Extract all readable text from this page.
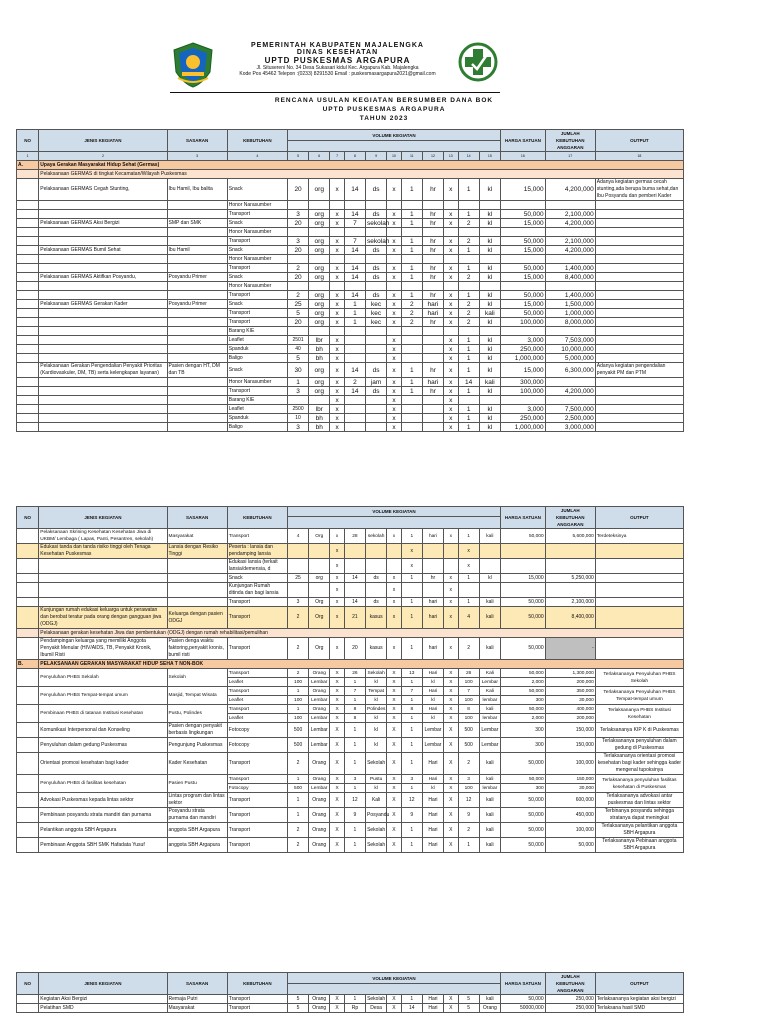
PEMERINTAH KABUPATEN MAJALENGKA
DINAS KESEHATAN
UPTD PUSKESMAS ARGAPURA
Jl. Situsereni No. 34 Desa Sukasari kidul Kec. Argapura Kab. Majalengka
Kode Pos 45462 Telepon :(0233) 8291530 Email : puskesmasargapura2021@gmail.com
RENCANA USULAN KEGIATAN BERSUMBER DANA BOK
UPTD PUSKESMAS ARGAPURA
TAHUN 2023
NO	JENIS KEGIATAN	SASARAN	KEBUTUHAN	VOLUME KEGIATAN											HARGA SATUAN	JUMLAH KEBUTUHAN ANGGARAN	OUTPUT

1	2	3	4	5	6	7	8	9	10	11	12	13	14	15	16	17	18
A.	Upaya Gerakan Masyarakat Hidup Sehat (Germas)																
	Pelaksanaan GERMAS di tingkat Kecamatan/Wilayah Puskesmas																
	Pelaksanaan GERMAS Cegah Stunting,	Ibu Hamil, Ibu balita	Snack	20	org	x	14	ds	x	1	hr	x	1	kl	15,000	4,200,000	Adanya kegiatan germas cecah stunting,ada berupa buma sehat,dan Ibu Posyandu dan pemberi Kader
			Honor Narasumber														
			Transport	3	org	x	14	ds	x	1	hr	x	1	kl	50,000	2,100,000	
	Pelaksanaan GERMAS Aksi Bergizi	SMP dan SMK	Snack	20	org	x	7	sekolah	x	1	hr	x	2	kl	15,000	4,200,000	
			Honor Narasumber														
			Transport	3	org	x	7	sekolah	x	1	hr	x	2	kl	50,000	2,100,000	
	Pelaksanaan GERMAS Bumil Sehat	Ibu Hamil	Snack	20	org	x	14	ds	x	1	hr	x	1	kl	15,000	4,200,000	
			Honor Narasumber														
			Transport	2	org	x	14	ds	x	1	hr	x	1	kl	50,000	1,400,000	
	Pelaksanaan GERMAS Aktifkan Posyandu,	Posyandu Primer	Snack	20	org	x	14	ds	x	1	hr	x	2	kl	15,000	8,400,000	
			Honor Narasumber														
			Transport	2	org	x	14	ds	x	1	hr	x	1	kl	50,000	1,400,000	
	Pelaksanaan GERMAS Gerakan Kader	Posyandu Primer	Snack	25	org	x	1	kec	x	2	hari	x	2	kl	15,000	1,500,000	
			Transport	5	org	x	1	kec	x	2	hari	x	2	kali	50,000	1,000,000	
			Transport	20	org	x	1	kec	x	2	hr	x	2	kl	100,000	8,000,000	
			Barang KIE														
			Leaflet	2501	lbr	x			x			x	1	kl	3,000	7,503,000	
			Spanduk	40	bh	x			x			x	1	kl	250,000	10,000,000	
			Baligo	5	bh	x			x			x	1	kl	1,000,000	5,000,000	
	Pelaksanaan Gerakan Pengendalian Penyakit Prioritas (Kardiovaskuler, DM, TB) serta kelengkapan layanan)	Pasien dengan HT, DM dan TB	Snack	30	org	x	14	ds	x	1	hr	x	1	kl	15,000	6,300,000	Adanya kegiatan pengendalian penyakit PM dan PTM
			Honor Narasumber	1	org	x	2	jam	x	1	hari	x	14	kali	300,000		
			Transport	3	org	x	14	ds	x	1	hr	x	1	kl	100,000	4,200,000	
			Barang KIE			x			x			x					
			Leaflet	2500	lbr	x			x			x	1	kl	3,000	7,500,000	
			Spanduk	10	bh	x			x			x	1	kl	250,000	2,500,000	
			Baligo	3	bh	x			x			x	1	kl	1,000,000	3,000,000	
NO	JENIS KEGIATAN	SASARAN	KEBUTUHAN	VOLUME KEGIATAN											HARGA SATUAN	JUMLAH KEBUTUHAN ANGGARAN	OUTPUT

	Pelaksanaan Skrining Kesehatan Kesehatan Jiwa di UKBM/ Lembaga ( Lapas, Panti, Pesantren, sekolah)	Masyarakat	Transport	4	Org	x	28	sekolah	x	1	hari	x	1	kali	50,000	5,600,000	Terdeteksinya
	Edukasi tanda dan tanda risiko tinggi oleh Tenaga Kesehatan Puskesmas	Lansia dengan Resiko Tinggi	Peserta : lansia dan pendamping lansia			x				x			x				
			Edukasi lansia (terkait lansia/demensia, d			x				x			x				
			Snack	25	org	x	14	ds	x	1	hr	x	1	kl	15,000	5,250,000	
			Kunjungan Rumah ditinda dan bagi lansia			x			x			x					
			Transport	3	Org	x	14	ds	x	1	hari	x	1	kali	50,000	2,100,000	
	Kunjungan rumah edukasi keluarga untuk perawatan dan berobat teratur pada orang dengan gangguan jiwa (ODGJ)	Keluarga dengan pasien ODGJ	Transport	2	Org	x	21	kasus	x	1	hari	x	4	kali	50,000	8,400,000	
	Pelaksanaan gerakan kesehatan Jiwa dan pembentukan (ODGJ) dengan rumah rehabilitasi/pemulihan																
	Pendampingan keluarga yang memiliki Anggota Penyakit Menular (HIV/AIDS, TB, Penyakit Kronik, Ibumil Risti	Pasien denga waktu faktoring,penyakit kronis, bumil risti	Transport	2	Org	x	20	kasus	x	1	hari	x	2	kali	50,000	-	
B.	PELAKSANAAN GERAKAN MASYARAKAT HIDUP SEHA T NON-BOK																
	Penyuluhan PHBS Sekolah	Sekolah	Transport	2	Orang	X	26	Sekolah	X	13	Hari	X	26	Kali	50,000	1,300,000	Terlaksananya Penyuluhan PHBS Sekolah
			Leaflet	100	Lembar	X	1	kl	X	1	kl	X	100	Lembar	2,000	200,000	
	Penyuluhan PHBS Tempat-tempat umum	Masjid, Tempat Wisata	Transport	1	Orang	X	7	Tempat	X	7	Hari	X	7	Kali	50,000	350,000	Terlaksananya Penyuluhan PHBS Tempat-tempat umum
			Leaflet	100	Lembar	X	1	kl	X	1	kl	X	100	lembar	300	30,000	
	Pembinaan PHBS di tatanan Institusi Kesehatan	Pustu, Polindes	Transport	1	Orang	X	8	Polindes	X	8	Hari	X	8	kali	50,000	400,000	Terlaksananya PHBS Institusi Kesehatan
			Leaflet	100	Lembar	X	8	kl	X	1	kl	X	100	lembar	2,000	200,000	
	Komunikasi Interpersonal dan Konseling	Pasien dengan penyakit berbasis lingkungan	Fotocopy	500	Lembar	X	1	kl	X	1	Lembar	X	500	Lembar	300	150,000	Terlaksananya KIP K di Puskesmas
	Penyuluhan dalam gedung Puskesmas	Pengunjung Puskesmas	Fotocopy	500	Lembar	X	1	kl	X	1	Lembar	X	500	Lembar	300	150,000	Terlaksananya penyuluhan dalam gedung di Puskesmas
	Orientasi promosi kesehatan bagi kader	Kader Kesehatan	Transport	2	Orang	X	1	Sekolah	X	1	Hari	X	2	kali	50,000	100,000	Terlaksananya orientasi promosi kesehatan bagi kader sehingga kader mengenal tupoksinya
	Penyuluhan PHBS di fasilitas kesehatan	Pasien Pustu	Transport	1	Orang	X	3	Pustu	X	3	Hari	X	3	kali	50,000	150,000	Terlaksananya penyuluhan fasilitas kesehatan di Puskesmas
			Fotocopy	500	Lembar	X	1	kl	X	1	kl	X	100	lembar	300	30,000	
	Advokasi Puskesmas kepada lintas sektor	Lintas program dan lintas sektor	Transport	1	Orang	X	12	Kali	X	12	Hari	X	12	kali	50,000	600,000	Terlaksananya advokasi antar puskesmas dan lintas sektor
	Pembinaan posyandu strata mandiri dan purnama	Posyandu strata purnama dan mandiri	Transport	1	Orang	X	9	Posyandu	X	9	Hari	X	9	kali	50,000	450,000	Terbinanya posyandu sehingga stratanya dapat meningkat
	Pelantikan anggota SBH Argapura	anggota SBH Argapura	Transport	2	Orang	X	1	Sekolah	X	1	Hari	X	2	kali	50,000	100,000	Terlaksananya pelantikan anggota SBH Argapura
	Pembinaan Anggota SBH SMK Hafadata Yusuf	anggota SBH Argapura	Transport	2	Orang	X	1	Sekolah	X	1	Hari	X	1	kali	50,000	50,000	Terlaksananya Pebinaan anggota SBH Argapura
NO	JENIS KEGIATAN	SASARAN	KEBUTUHAN	VOLUME KEGIATAN											HARGA SATUAN	JUMLAH KEBUTUHAN ANGGARAN	OUTPUT

	Kegiatan Aksi Bergizi	Remaja Putri	Transport	5	Orang	X	1	Sekolah	X	1	Hari	X	5	kali	50,000	250,000	Terlaksananya kegiatan aksi bergizi
	Pelatihan SMD	Masyarakat	Transport	5	Orang	X	Rp	Desa	X	14	Hari	X	5	Orang	50000,000	250,000	Terlaksana hasil SMD
